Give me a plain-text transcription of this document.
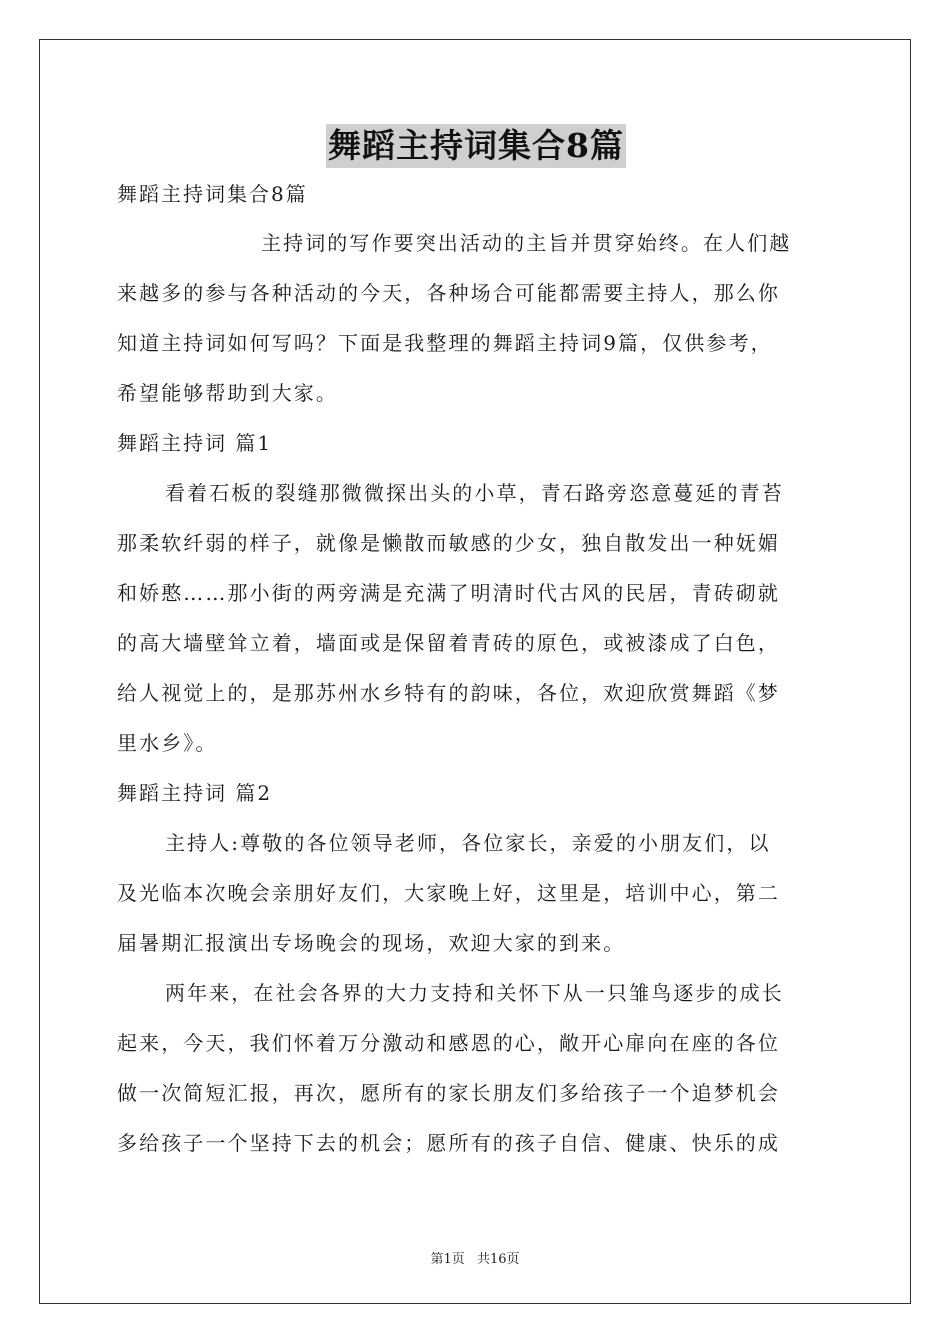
舞蹈主持词集合8篇
舞蹈主持词集合8篇
主持词的写作要突出活动的主旨并贯穿始终。在人们越
来越多的参与各种活动的今天，各种场合可能都需要主持人，那么你
知道主持词如何写吗？下面是我整理的舞蹈主持词9篇，仅供参考，
希望能够帮助到大家。
舞蹈主持词 篇1
看着石板的裂缝那微微探出头的小草，青石路旁恣意蔓延的青苔
那柔软纤弱的样子，就像是懒散而敏感的少女，独自散发出一种妩媚
和娇憨……那小街的两旁满是充满了明清时代古风的民居，青砖砌就
的高大墙壁耸立着，墙面或是保留着青砖的原色，或被漆成了白色，
给人视觉上的，是那苏州水乡特有的韵味，各位，欢迎欣赏舞蹈《梦
里水乡》。
舞蹈主持词 篇2
主持人:尊敬的各位领导老师，各位家长，亲爱的小朋友们，以
及光临本次晚会亲朋好友们，大家晚上好，这里是，培训中心，第二
届暑期汇报演出专场晚会的现场，欢迎大家的到来。
两年来，在社会各界的大力支持和关怀下从一只雏鸟逐步的成长
起来，今天，我们怀着万分激动和感恩的心，敞开心扉向在座的各位
做一次简短汇报，再次，愿所有的家长朋友们多给孩子一个追梦机会
多给孩子一个坚持下去的机会；愿所有的孩子自信、健康、快乐的成
第1页 共16页
